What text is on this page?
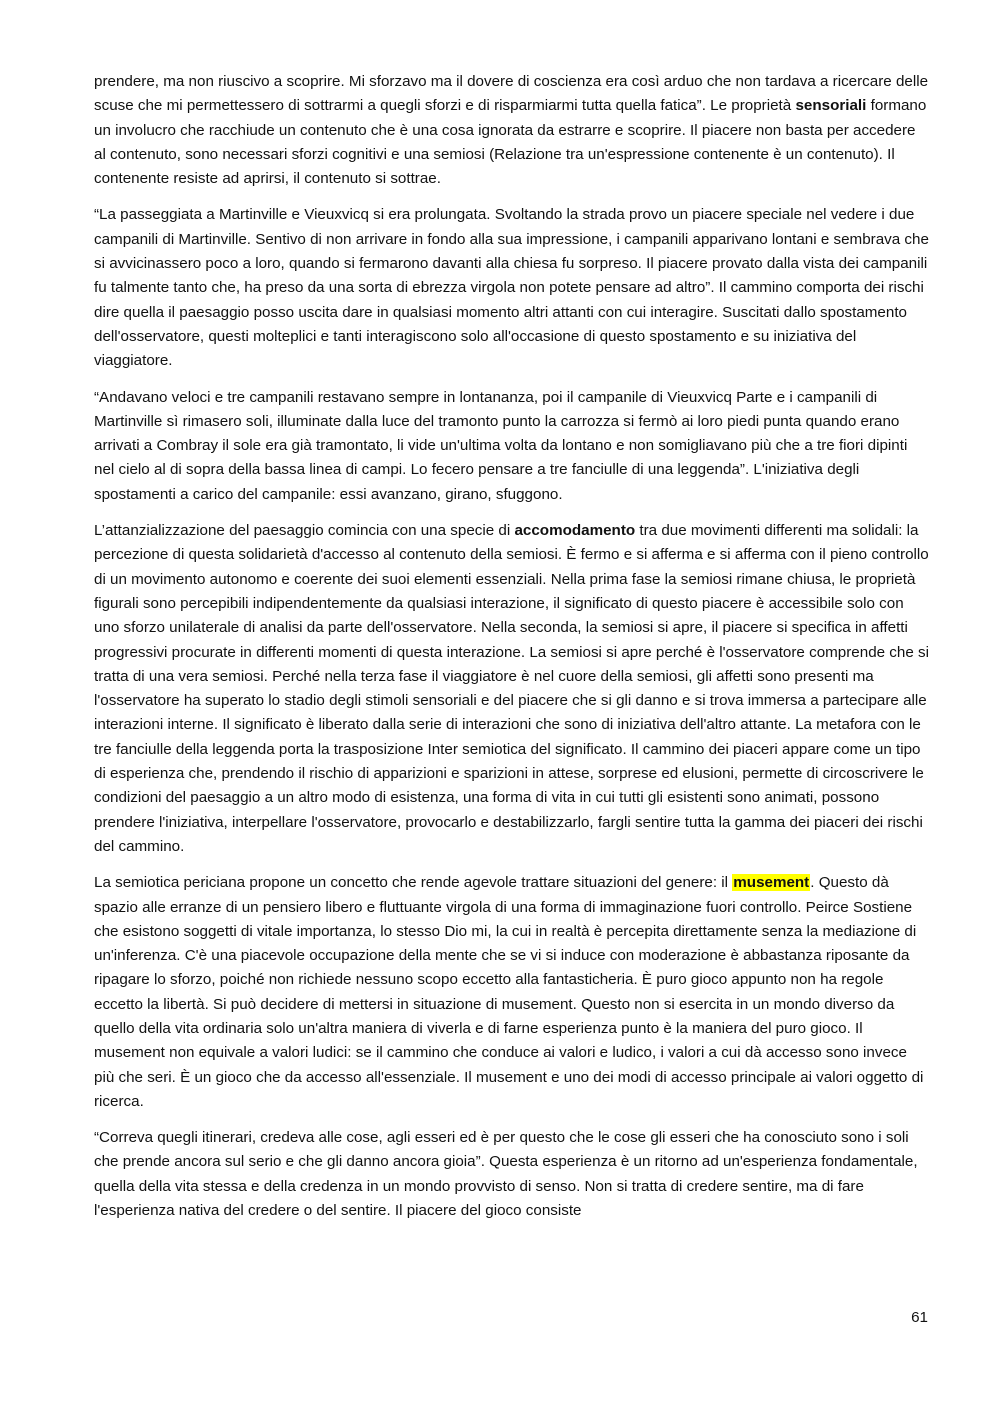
prendere, ma non riuscivo a scoprire. Mi sforzavo ma il dovere di coscienza era così arduo che non tardava a ricercare delle scuse che mi permettessero di sottrarmi a quegli sforzi e di risparmiarmi tutta quella fatica”. Le proprietà sensoriali formano un involucro che racchiude un contenuto che è una cosa ignorata da estrarre e scoprire. Il piacere non basta per accedere al contenuto, sono necessari sforzi cognitivi e una semiosi (Relazione tra un'espressione contenente è un contenuto). Il contenente resiste ad aprirsi, il contenuto si sottrae.

“La passeggiata a Martinville e Vieuxvicq si era prolungata. Svoltando la strada provo un piacere speciale nel vedere i due campanili di Martinville. Sentivo di non arrivare in fondo alla sua impressione, i campanili apparivano lontani e sembrava che si avvicinassero poco a loro, quando si fermarono davanti alla chiesa fu sorpreso. Il piacere provato dalla vista dei campanili fu talmente tanto che, ha preso da una sorta di ebrezza virgola non potete pensare ad altro”. Il cammino comporta dei rischi dire quella il paesaggio posso uscita dare in qualsiasi momento altri attanti con cui interagire. Suscitati dallo spostamento dell'osservatore, questi molteplici e tanti interagiscono solo all'occasione di questo spostamento e su iniziativa del viaggiatore.

“Andavano veloci e tre campanili restavano sempre in lontananza, poi il campanile di Vieuxvicq Parte e i campanili di Martinville sì rimasero soli, illuminate dalla luce del tramonto punto la carrozza si fermò ai loro piedi punta quando erano arrivati a Combray il sole era già tramontato, li vide un'ultima volta da lontano e non somigliavano più che a tre fiori dipinti nel cielo al di sopra della bassa linea di campi. Lo fecero pensare a tre fanciulle di una leggenda”. L'iniziativa degli spostamenti a carico del campanile: essi avanzano, girano, sfuggono.

L’attanzializzazione del paesaggio comincia con una specie di accomodamento tra due movimenti differenti ma solidali: la percezione di questa solidarietà d'accesso al contenuto della semiosi. È fermo e si afferma e si afferma con il pieno controllo di un movimento autonomo e coerente dei suoi elementi essenziali. Nella prima fase la semiosi rimane chiusa, le proprietà figurali sono percepibili indipendentemente da qualsiasi interazione, il significato di questo piacere è accessibile solo con uno sforzo unilaterale di analisi da parte dell'osservatore. Nella seconda, la semiosi si apre, il piacere si specifica in affetti progressivi procurate in differenti momenti di questa interazione. La semiosi si apre perché è l'osservatore comprende che si tratta di una vera semiosi. Perché nella terza fase il viaggiatore è nel cuore della semiosi, gli affetti sono presenti ma l'osservatore ha superato lo stadio degli stimoli sensoriali e del piacere che si gli danno e si trova immersa a partecipare alle interazioni interne. Il significato è liberato dalla serie di interazioni che sono di iniziativa dell'altro attante. La metafora con le tre fanciulle della leggenda porta la trasposizione Inter semiotica del significato. Il cammino dei piaceri appare come un tipo di esperienza che, prendendo il rischio di apparizioni e sparizioni in attese, sorprese ed elusioni, permette di circoscrivere le condizioni del paesaggio a un altro modo di esistenza, una forma di vita in cui tutti gli esistenti sono animati, possono prendere l'iniziativa, interpellare l'osservatore, provocarlo e destabilizzarlo, fargli sentire tutta la gamma dei piaceri dei rischi del cammino.

La semiotica periciana propone un concetto che rende agevole trattare situazioni del genere: il musement. Questo dà spazio alle erranze di un pensiero libero e fluttuante virgola di una forma di immaginazione fuori controllo. Peirce Sostiene che esistono soggetti di vitale importanza, lo stesso Dio mi, la cui in realtà è percepita direttamente senza la mediazione di un'inferenza. C'è una piacevole occupazione della mente che se vi si induce con moderazione è abbastanza riposante da ripagare lo sforzo, poiché non richiede nessuno scopo eccetto alla fantasticheria. È puro gioco appunto non ha regole eccetto la libertà. Si può decidere di mettersi in situazione di musement. Questo non si esercita in un mondo diverso da quello della vita ordinaria solo un'altra maniera di viverla e di farne esperienza punto è la maniera del puro gioco. Il musement non equivale a valori ludici: se il cammino che conduce ai valori e ludico, i valori a cui dà accesso sono invece più che seri. È un gioco che da accesso all'essenziale. Il musement e uno dei modi di accesso principale ai valori oggetto di ricerca.

“Correva quegli itinerari, credeva alle cose, agli esseri ed è per questo che le cose gli esseri che ha conosciuto sono i soli che prende ancora sul serio e che gli danno ancora gioia”. Questa esperienza è un ritorno ad un'esperienza fondamentale, quella della vita stessa e della credenza in un mondo provvisto di senso. Non si tratta di credere sentire, ma di fare l'esperienza nativa del credere o del sentire. Il piacere del gioco consiste

61
